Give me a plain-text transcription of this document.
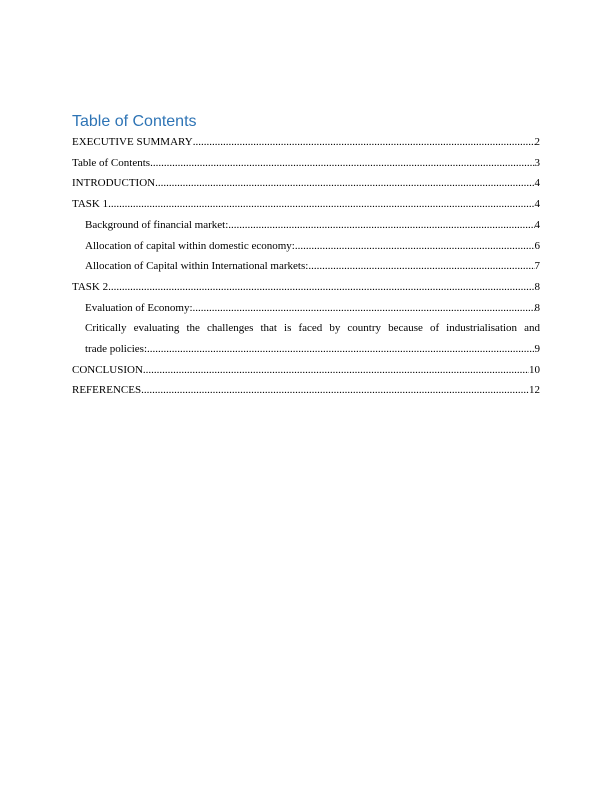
Table of Contents
EXECUTIVE SUMMARY .....	2
Table of Contents .....	3
INTRODUCTION .....	4
TASK 1 .....	4
Background of financial market: .....	4
Allocation of capital within domestic economy: .....	6
Allocation of Capital within International markets: .....	7
TASK 2 .....	8
Evaluation of Economy: .....	8
Critically evaluating the challenges that is faced by country because of industrialisation and
trade policies: .....	9
CONCLUSION .....	10
REFERENCES .....	12
